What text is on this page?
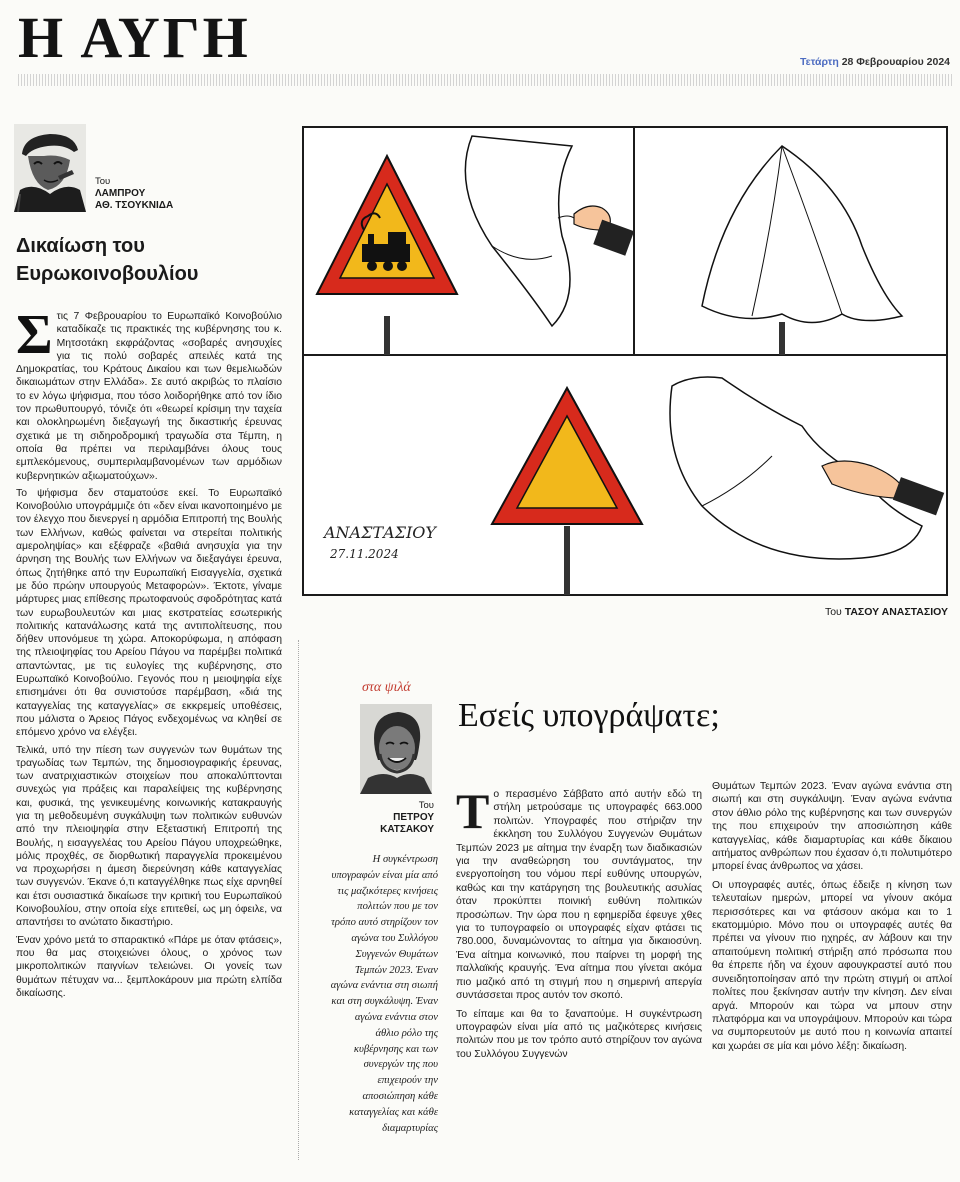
Η ΑΥΓΗ	Τετάρτη 28 Φεβρουαρίου 2024
Του
ΛΑΜΠΡΟΥ
ΑΘ. ΤΣΟΥΚΝΙΔΑ
Δικαίωση του Ευρωκοινοβουλίου

Στις 7 Φεβρουαρίου το Ευρωπαϊκό Κοινοβούλιο καταδίκαζε τις πρακτικές της κυβέρνησης του κ. Μητσοτάκη εκφράζοντας «σοβαρές ανησυχίες για τις πολύ σοβαρές απειλές κατά της Δημοκρατίας, του Κράτους Δικαίου και των θεμελιωδών δικαιωμάτων στην Ελλάδα». Σε αυτό ακριβώς το πλαίσιο το εν λόγω ψήφισμα, που τόσο λοιδορήθηκε από τον ίδιο τον πρωθυπουργό, τόνιζε ότι «θεωρεί κρίσιμη την ταχεία και ολοκληρωμένη διεξαγωγή της δικαστικής έρευνας σχετικά με τη σιδηροδρομική τραγωδία στα Τέμπη, η οποία θα πρέπει να περιλαμβάνει όλους τους εμπλεκόμενους, συμπεριλαμβανομένων των αρμόδιων κυβερνητικών αξιωματούχων».

Το ψήφισμα δεν σταματούσε εκεί. Το Ευρωπαϊκό Κοινοβούλιο υπογράμμιζε ότι «δεν είναι ικανοποιημένο με τον έλεγχο που διενεργεί η αρμόδια Επιτροπή της Βουλής των Ελλήνων, καθώς φαίνεται να στερείται πολιτικής αμεροληψίας» και εξέφραζε «βαθιά ανησυχία για την άρνηση της Βουλής των Ελλήνων να διεξαγάγει έρευνα, όπως ζητήθηκε από την Ευρωπαϊκή Εισαγγελία, σχετικά με δύο πρώην υπουργούς Μεταφορών». Έκτοτε, γίναμε μάρτυρες μιας επίθεσης πρωτοφανούς σφοδρότητας κατά των ευρωβουλευτών και μιας εκστρατείας εσωτερικής πολιτικής κατανάλωσης κατά της αντιπολίτευσης, που δήθεν υπονόμευε τη χώρα. Αποκορύφωμα, η απόφαση της πλειοψηφίας του Αρείου Πάγου να παρέμβει πολιτικά απαντώντας, με τις ευλογίες της κυβέρνησης, στο Ευρωπαϊκό Κοινοβούλιο. Γεγονός που η μειοψηφία είχε επισημάνει ότι θα συνιστούσε παρέμβαση, «διά της καταγγελίας της καταγγελίας» σε εκκρεμείς υποθέσεις, που μάλιστα ο Άρειος Πάγος ενδεχομένως να κληθεί σε επόμενο χρόνο να ελέγξει.

Τελικά, υπό την πίεση των συγγενών των θυμάτων της τραγωδίας των Τεμπών, της δημοσιογραφικής έρευνας, των ανατριχιαστικών στοιχείων που αποκαλύπτονται συνεχώς για πράξεις και παραλείψεις της κυβέρνησης και, φυσικά, της γενικευμένης κοινωνικής κατακραυγής για τη μεθοδευμένη συγκάλυψη των πολιτικών ευθυνών από την πλειοψηφία στην Εξεταστική Επιτροπή της Βουλής, η εισαγγελέας του Αρείου Πάγου υποχρεώθηκε, μόλις προχθές, σε διορθωτική παραγγελία προκειμένου να προχωρήσει η άμεση διερεύνηση κάθε καταγγελίας των συγγενών. Έκανε ό,τι καταγγέλθηκε πως είχε αρνηθεί και έτσι ουσιαστικά δικαίωσε την κριτική του Ευρωπαϊκού Κοινοβουλίου, στην οποία είχε επιτεθεί, ως μη όφειλε, να απαντήσει το ανώτατο δικαστήριο.

Έναν χρόνο μετά το σπαρακτικό «Πάρε με όταν φτάσεις», που θα μας στοιχειώνει όλους, ο χρόνος των μικροπολιτικών παιγνίων τελειώνει. Οι γονείς των θυμάτων πέτυχαν να... ξεμπλοκάρουν μια πρώτη ελπίδα δικαίωσης.

ΑΝΑΣΤΑΣΙΟΥ
27.11.2024
Του ΤΑΣΟΥ ΑΝΑΣΤΑΣΙΟΥ
στα ψιλά
Του
ΠΕΤΡΟΥ
ΚΑΤΣΑΚΟΥ
Εσείς υπογράψατε;
Η συγκέντρωση υπογραφών είναι μία από τις μαζικότερες κινήσεις πολιτών που με τον τρόπο αυτό στηρίζουν τον αγώνα του Συλλόγου Συγγενών Θυμάτων Τεμπών 2023. Έναν αγώνα ενάντια στη σιωπή και στη συγκάλυψη. Έναν αγώνα ενάντια στον άθλιο ρόλο της κυβέρνησης και των συνεργών της που επιχειρούν την αποσιώπηση κάθε καταγγελίας και κάθε διαμαρτυρίας

Το περασμένο Σάββατο από αυτήν εδώ τη στήλη μετρούσαμε τις υπογραφές 663.000 πολιτών. Υπογραφές που στήριζαν την έκκληση του Συλλόγου Συγγενών Θυμάτων Τεμπών 2023 με αίτημα την έναρξη των διαδικασιών για την αναθεώρηση του συντάγματος, την ενεργοποίηση του νόμου περί ευθύνης υπουργών, καθώς και την κατάργηση της βουλευτικής ασυλίας όταν προκύπτει ποινική ευθύνη πολιτικών προσώπων. Την ώρα που η εφημερίδα έφευγε χθες για το τυπογραφείο οι υπογραφές είχαν φτάσει τις 780.000, δυναμώνοντας το αίτημα για δικαιοσύνη. Ένα αίτημα κοινωνικό, που παίρνει τη μορφή της παλλαϊκής κραυγής. Ένα αίτημα που γίνεται ακόμα πιο μαζικό από τη στιγμή που η σημερινή απεργία συντάσσεται προς αυτόν τον σκοπό.

Το είπαμε και θα το ξαναπούμε. Η συγκέντρωση υπογραφών είναι μία από τις μαζικότερες κινήσεις πολιτών που με τον τρόπο αυτό στηρίζουν τον αγώνα του Συλλόγου Συγγενών

Θυμάτων Τεμπών 2023. Έναν αγώνα ενάντια στη σιωπή και στη συγκάλυψη. Έναν αγώνα ενάντια στον άθλιο ρόλο της κυβέρνησης και των συνεργών της που επιχειρούν την αποσιώπηση κάθε καταγγελίας, κάθε διαμαρτυρίας και κάθε δίκαιου αιτήματος ανθρώπων που έχασαν ό,τι πολυτιμότερο μπορεί ένας άνθρωπος να χάσει.

Οι υπογραφές αυτές, όπως έδειξε η κίνηση των τελευταίων ημερών, μπορεί να γίνουν ακόμα περισσότερες και να φτάσουν ακόμα και το 1 εκατομμύριο. Μόνο που οι υπογραφές αυτές θα πρέπει να γίνουν πιο ηχηρές, αν λάβουν και την απαιτούμενη πολιτική στήριξη από πρόσωπα που θα έπρεπε ήδη να έχουν αφουγκραστεί αυτό που συνειδητοποίησαν από την πρώτη στιγμή οι απλοί πολίτες που ξεκίνησαν αυτήν την κίνηση. Δεν είναι αργά. Μπορούν και τώρα να μπουν στην πλατφόρμα και να υπογράψουν. Μπορούν και τώρα να συμπορευτούν με αυτό που η κοινωνία απαιτεί και χωράει σε μία και μόνο λέξη: δικαίωση.
